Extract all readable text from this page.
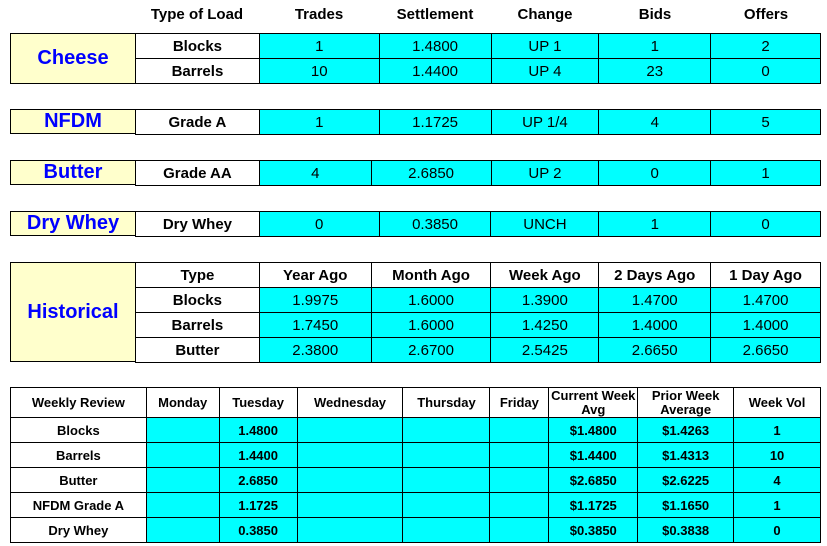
Type of Load	Trades	Settlement	Change	Bids	Offers
Cheese
Blocks	1	1.4800	UP 1	1	2
Barrels	10	1.4400	UP 4	23	0
NFDM	Grade A	1	1.1725	UP 1/4	4	5
Butter	Grade AA	4	2.6850	UP 2	0	1
Dry Whey	Dry Whey	0	0.3850	UNCH	1	0
Historical
Type	Year Ago	Month Ago	Week Ago	2 Days Ago	1 Day Ago
Blocks	1.9975	1.6000	1.3900	1.4700	1.4700
Barrels	1.7450	1.6000	1.4250	1.4000	1.4000
Butter	2.3800	2.6700	2.5425	2.6650	2.6650
Weekly Review	Monday	Tuesday	Wednesday	Thursday	Friday	Current Week Avg	Prior Week Average	Week Vol
Blocks		1.4800				$1.4800	$1.4263	1
Barrels		1.4400				$1.4400	$1.4313	10
Butter		2.6850				$2.6850	$2.6225	4
NFDM Grade A		1.1725				$1.1725	$1.1650	1
Dry Whey		0.3850				$0.3850	$0.3838	0
